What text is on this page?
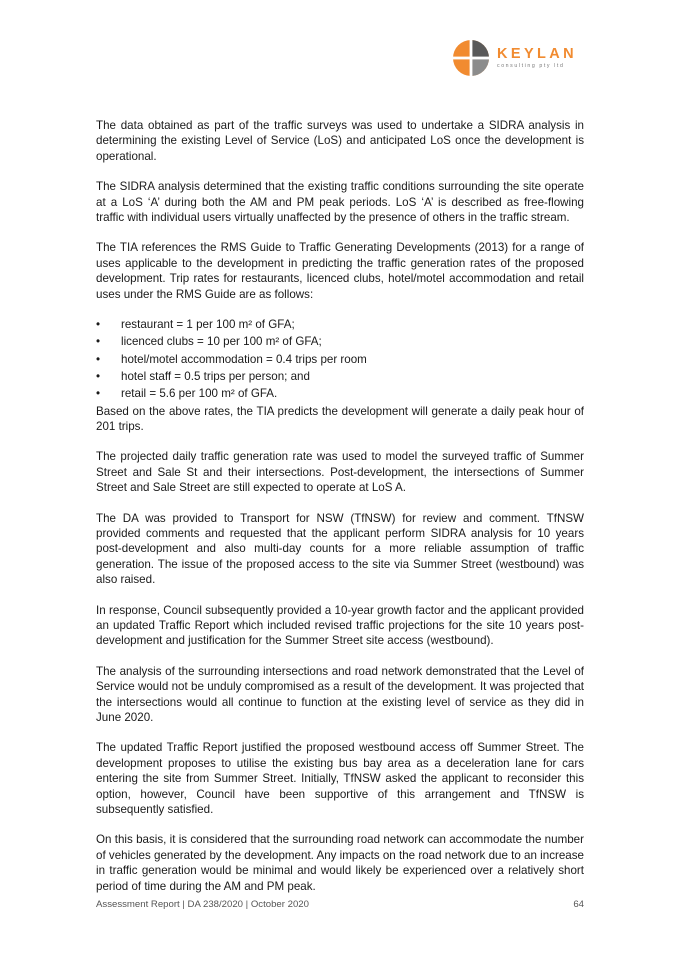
KEYLAN
consulting pty ltd

The data obtained as part of the traffic surveys was used to undertake a SIDRA analysis in determining the existing Level of Service (LoS) and anticipated LoS once the development is operational.

The SIDRA analysis determined that the existing traffic conditions surrounding the site operate at a LoS ‘A’ during both the AM and PM peak periods. LoS ‘A’ is described as free-flowing traffic with individual users virtually unaffected by the presence of others in the traffic stream.

The TIA references the RMS Guide to Traffic Generating Developments (2013) for a range of uses applicable to the development in predicting the traffic generation rates of the proposed development. Trip rates for restaurants, licenced clubs, hotel/motel accommodation and retail uses under the RMS Guide are as follows:

• restaurant = 1 per 100 m² of GFA;
• licenced clubs = 10 per 100 m² of GFA;
• hotel/motel accommodation = 0.4 trips per room
• hotel staff = 0.5 trips per person; and
• retail = 5.6 per 100 m² of GFA.

Based on the above rates, the TIA predicts the development will generate a daily peak hour of 201 trips.

The projected daily traffic generation rate was used to model the surveyed traffic of Summer Street and Sale St and their intersections. Post-development, the intersections of Summer Street and Sale Street are still expected to operate at LoS A.

The DA was provided to Transport for NSW (TfNSW) for review and comment. TfNSW provided comments and requested that the applicant perform SIDRA analysis for 10 years post-development and also multi-day counts for a more reliable assumption of traffic generation. The issue of the proposed access to the site via Summer Street (westbound) was also raised.

In response, Council subsequently provided a 10-year growth factor and the applicant provided an updated Traffic Report which included revised traffic projections for the site 10 years post-development and justification for the Summer Street site access (westbound).

The analysis of the surrounding intersections and road network demonstrated that the Level of Service would not be unduly compromised as a result of the development. It was projected that the intersections would all continue to function at the existing level of service as they did in June 2020.

The updated Traffic Report justified the proposed westbound access off Summer Street. The development proposes to utilise the existing bus bay area as a deceleration lane for cars entering the site from Summer Street. Initially, TfNSW asked the applicant to reconsider this option, however, Council have been supportive of this arrangement and TfNSW is subsequently satisfied.

On this basis, it is considered that the surrounding road network can accommodate the number of vehicles generated by the development. Any impacts on the road network due to an increase in traffic generation would be minimal and would likely be experienced over a relatively short period of time during the AM and PM peak.

Assessment Report | DA 238/2020 | October 2020	64
